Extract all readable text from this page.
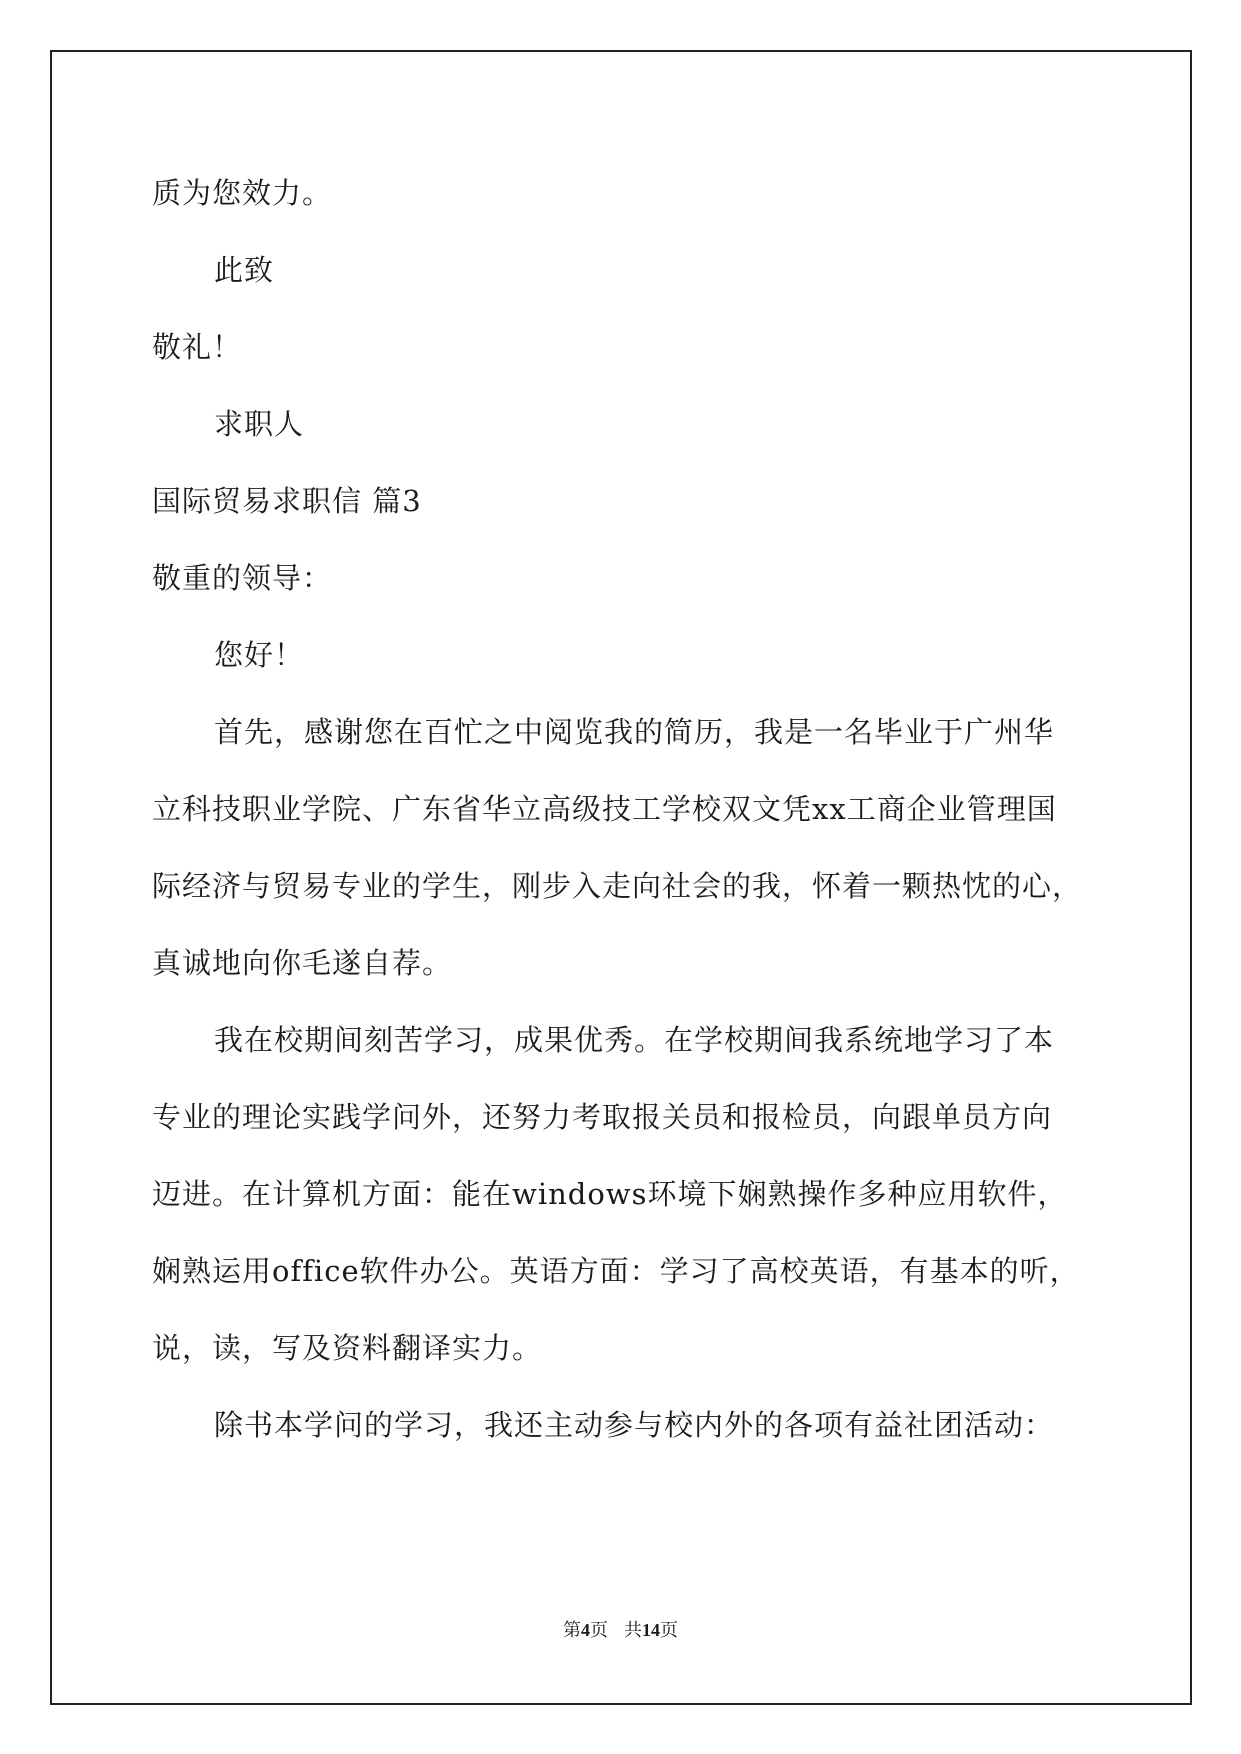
质为您效力。
此致
敬礼！
求职人
国际贸易求职信 篇3
敬重的领导：
您好！
首先，感谢您在百忙之中阅览我的简历，我是一名毕业于广州华
立科技职业学院、广东省华立高级技工学校双文凭xx工商企业管理国
际经济与贸易专业的学生，刚步入走向社会的我，怀着一颗热忱的心，
真诚地向你毛遂自荐。
我在校期间刻苦学习，成果优秀。在学校期间我系统地学习了本
专业的理论实践学问外，还努力考取报关员和报检员，向跟单员方向
迈进。在计算机方面：能在windows环境下娴熟操作多种应用软件，
娴熟运用office软件办公。英语方面：学习了高校英语，有基本的听，
说，读，写及资料翻译实力。
除书本学问的学习，我还主动参与校内外的各项有益社团活动：
第4页 共14页
